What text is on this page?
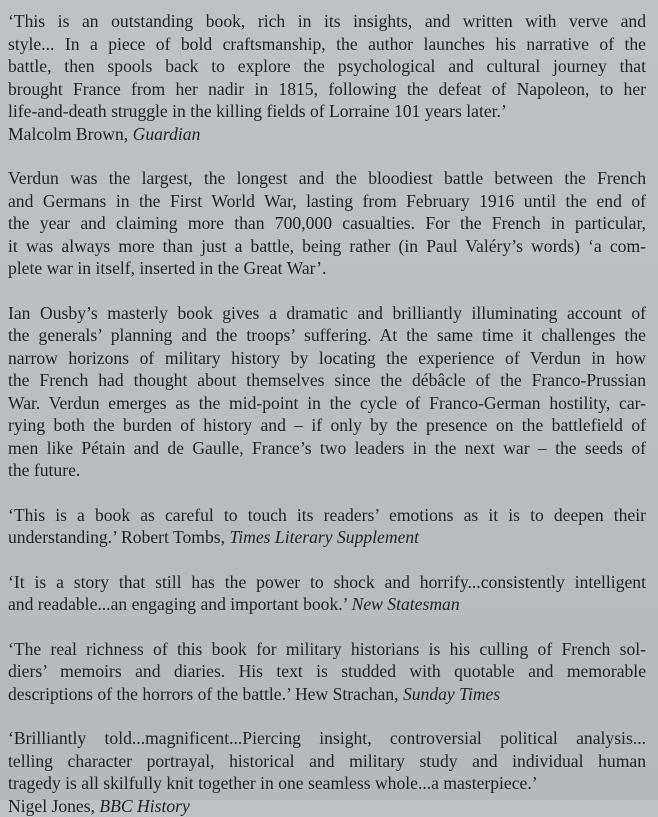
‘This is an outstanding book, rich in its insights, and written with verve and
style... In a piece of bold craftsmanship, the author launches his narrative of the
battle, then spools back to explore the psychological and cultural journey that
brought France from her nadir in 1815, following the defeat of Napoleon, to her
life-and-death struggle in the killing fields of Lorraine 101 years later.’
Malcolm Brown, Guardian

Verdun was the largest, the longest and the bloodiest battle between the French
and Germans in the First World War, lasting from February 1916 until the end of
the year and claiming more than 700,000 casualties. For the French in particular,
it was always more than just a battle, being rather (in Paul Valéry’s words) ‘a com-
plete war in itself, inserted in the Great War’.

Ian Ousby’s masterly book gives a dramatic and brilliantly illuminating account of
the generals’ planning and the troops’ suffering. At the same time it challenges the
narrow horizons of military history by locating the experience of Verdun in how
the French had thought about themselves since the débâcle of the Franco-Prussian
War. Verdun emerges as the mid-point in the cycle of Franco-German hostility, car-
rying both the burden of history and – if only by the presence on the battlefield of
men like Pétain and de Gaulle, France’s two leaders in the next war – the seeds of
the future.

‘This is a book as careful to touch its readers’ emotions as it is to deepen their
understanding.’ Robert Tombs, Times Literary Supplement

‘It is a story that still has the power to shock and horrify...consistently intelligent
and readable...an engaging and important book.’ New Statesman

‘The real richness of this book for military historians is his culling of French sol-
diers’ memoirs and diaries. His text is studded with quotable and memorable
descriptions of the horrors of the battle.’ Hew Strachan, Sunday Times

‘Brilliantly told...magnificent...Piercing insight, controversial political analysis...
telling character portrayal, historical and military study and individual human
tragedy is all skilfully knit together in one seamless whole...a masterpiece.’
Nigel Jones, BBC History
